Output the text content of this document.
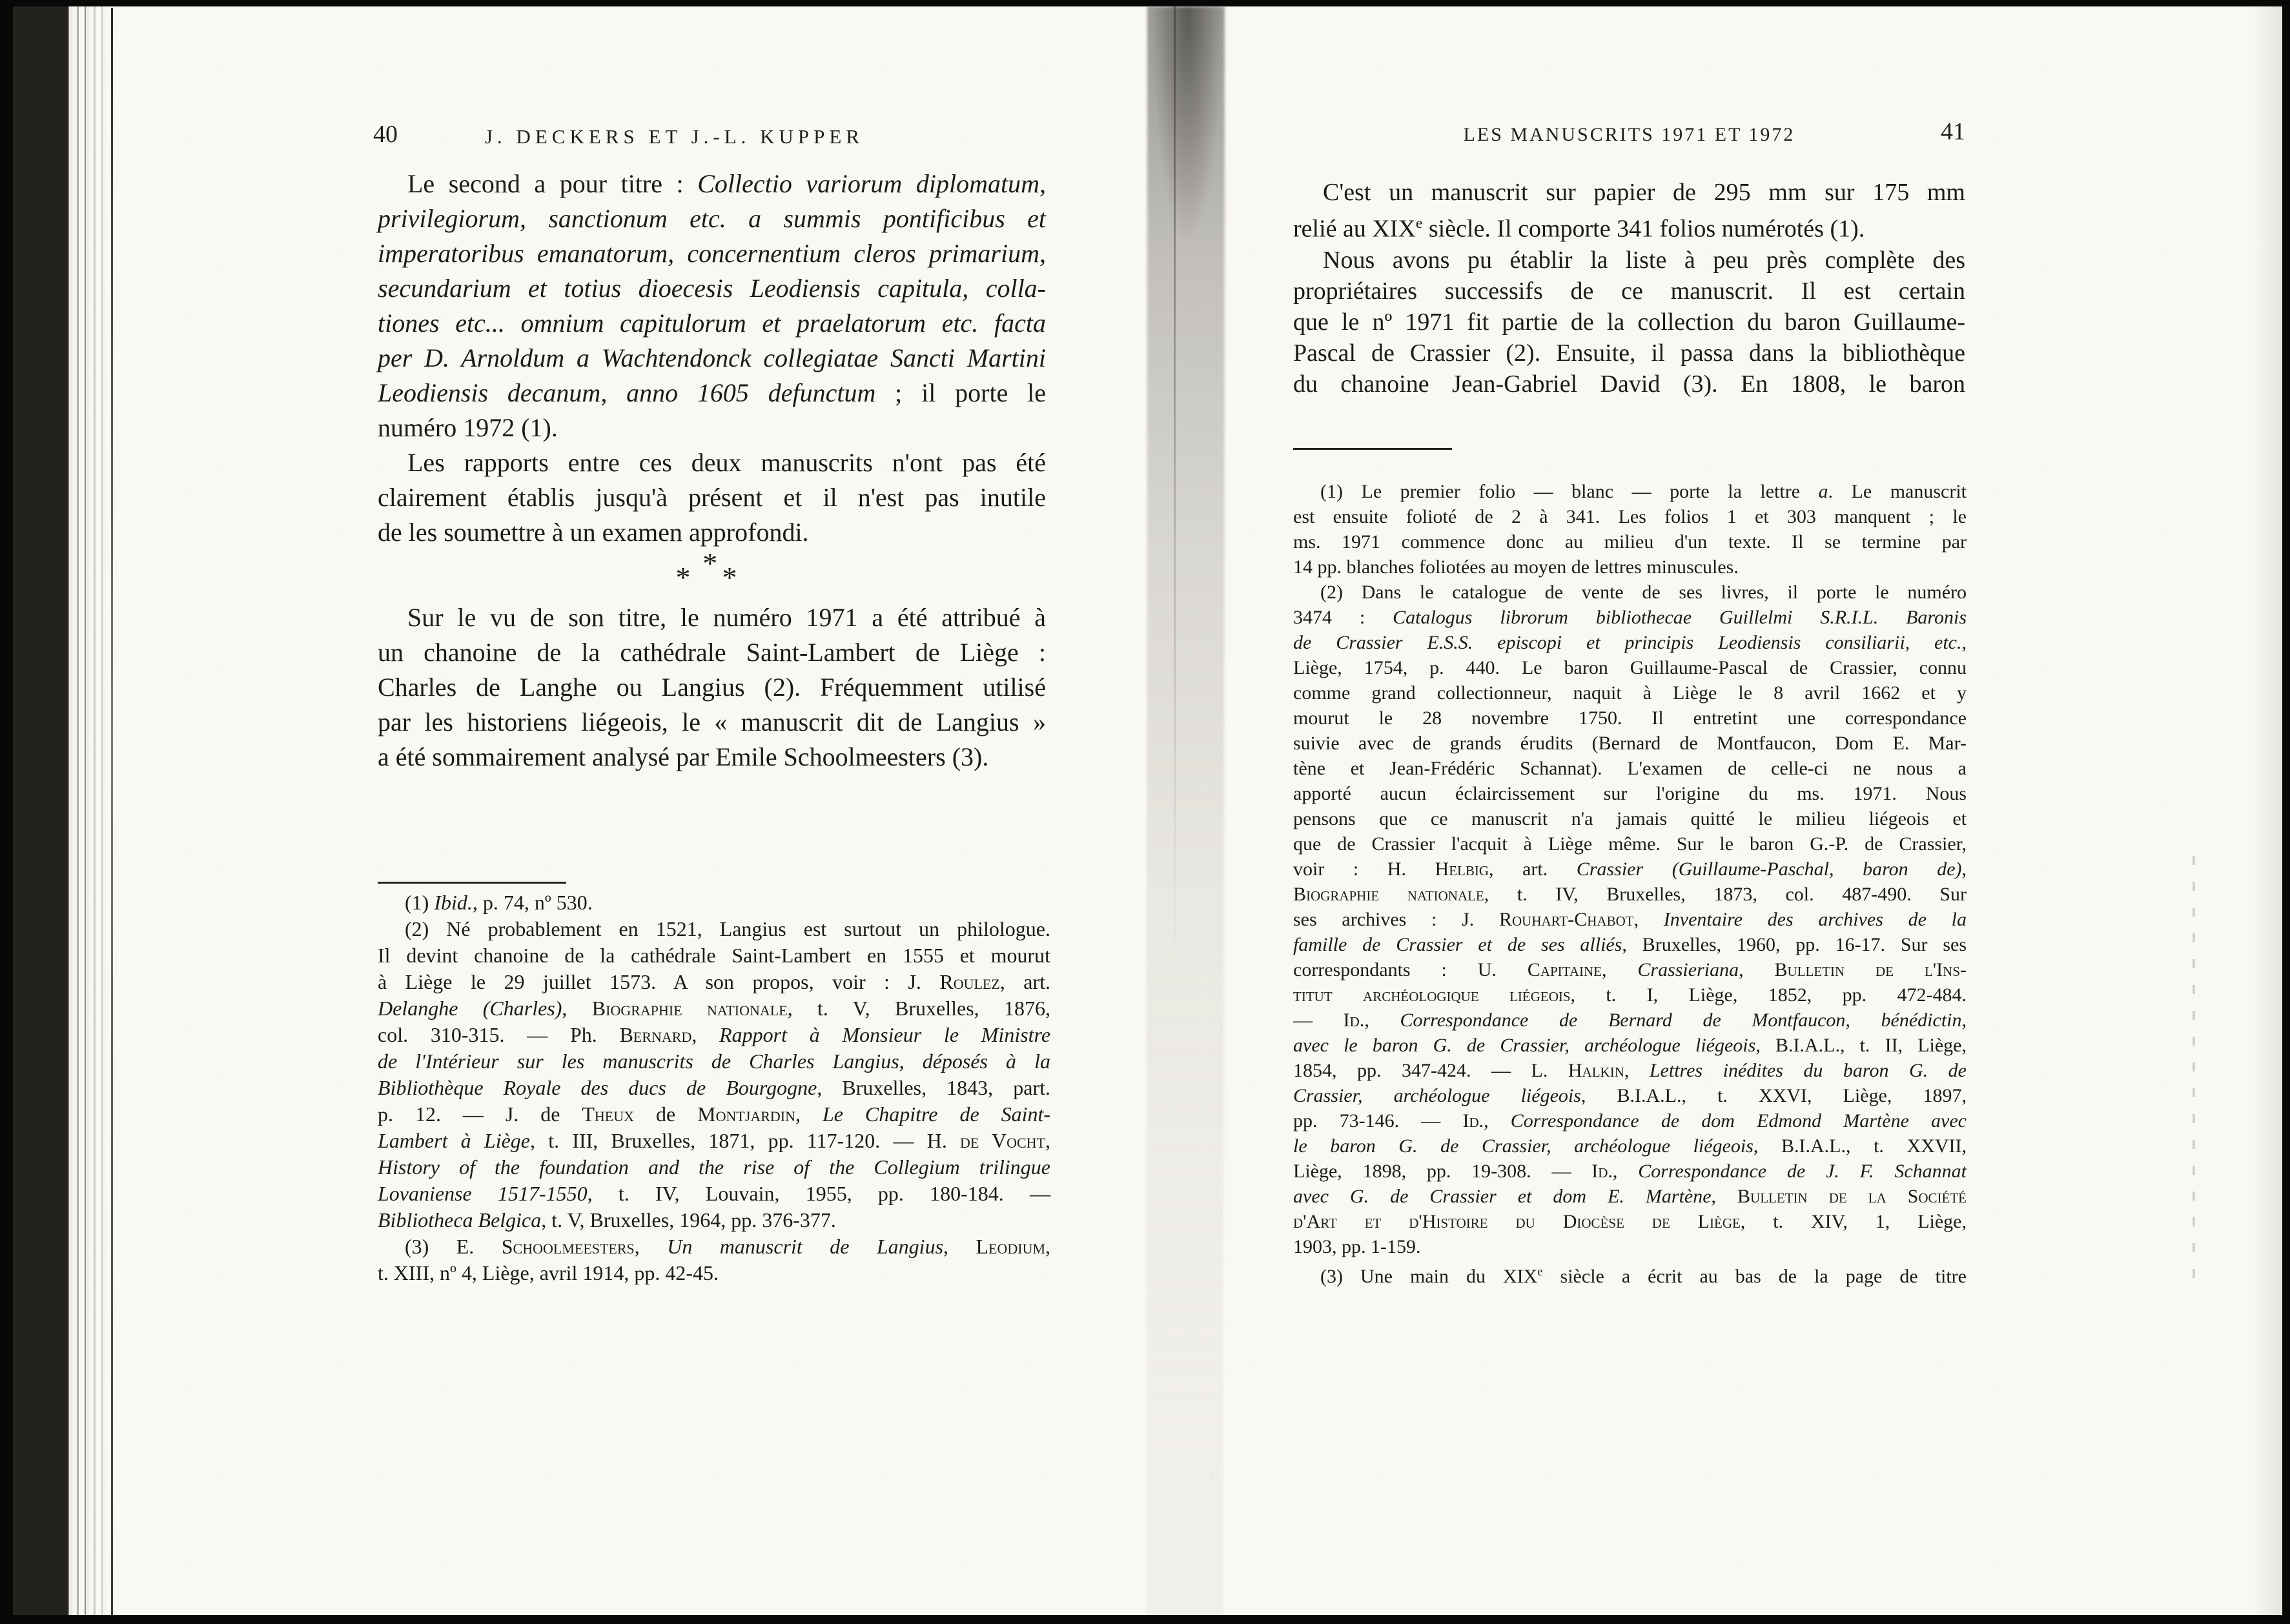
40	J. DECKERS ET J.-L. KUPPER
Le second a pour titre : Collectio variorum diplomatum,
privilegiorum, sanctionum etc. a summis pontificibus et
imperatoribus emanatorum, concernentium cleros primarium,
secundarium et totius dioecesis Leodiensis capitula, colla-
tiones etc... omnium capitulorum et praelatorum etc. facta
per D. Arnoldum a Wachtendonck collegiatae Sancti Martini
Leodiensis decanum, anno 1605 defunctum ; il porte le
numéro 1972 (1).
Les rapports entre ces deux manuscrits n'ont pas été
clairement établis jusqu'à présent et il n'est pas inutile
de les soumettre à un examen approfondi.
*
* *
Sur le vu de son titre, le numéro 1971 a été attribué à
un chanoine de la cathédrale Saint-Lambert de Liège :
Charles de Langhe ou Langius (2). Fréquemment utilisé
par les historiens liégeois, le « manuscrit dit de Langius »
a été sommairement analysé par Emile Schoolmeesters (3).
(1) Ibid., p. 74, nº 530.
(2) Né probablement en 1521, Langius est surtout un philologue.
Il devint chanoine de la cathédrale Saint-Lambert en 1555 et mourut
à Liège le 29 juillet 1573. A son propos, voir : J. Roulez, art.
Delanghe (Charles), Biographie nationale, t. V, Bruxelles, 1876,
col. 310-315. — Ph. Bernard, Rapport à Monsieur le Ministre
de l'Intérieur sur les manuscrits de Charles Langius, déposés à la
Bibliothèque Royale des ducs de Bourgogne, Bruxelles, 1843, part.
p. 12. — J. de Theux de Montjardin, Le Chapitre de Saint-
Lambert à Liège, t. III, Bruxelles, 1871, pp. 117-120. — H. de Vocht,
History of the foundation and the rise of the Collegium trilingue
Lovaniense 1517-1550, t. IV, Louvain, 1955, pp. 180-184. —
Bibliotheca Belgica, t. V, Bruxelles, 1964, pp. 376-377.
(3) E. Schoolmeesters, Un manuscrit de Langius, Leodium,
t. XIII, nº 4, Liège, avril 1914, pp. 42-45.
41
LES MANUSCRITS 1971 ET 1972
C'est un manuscrit sur papier de 295 mm sur 175 mm
relié au XIXe siècle. Il comporte 341 folios numérotés (1).
Nous avons pu établir la liste à peu près complète des
propriétaires successifs de ce manuscrit. Il est certain
que le nº 1971 fit partie de la collection du baron Guillaume-
Pascal de Crassier (2). Ensuite, il passa dans la bibliothèque
du chanoine Jean-Gabriel David (3). En 1808, le baron
(1) Le premier folio — blanc — porte la lettre a. Le manuscrit
est ensuite folioté de 2 à 341. Les folios 1 et 303 manquent ; le
ms. 1971 commence donc au milieu d'un texte. Il se termine par
14 pp. blanches foliotées au moyen de lettres minuscules.
(2) Dans le catalogue de vente de ses livres, il porte le numéro
3474 : Catalogus librorum bibliothecae Guillelmi S.R.I.L. Baronis
de Crassier E.S.S. episcopi et principis Leodiensis consiliarii, etc.,
Liège, 1754, p. 440. Le baron Guillaume-Pascal de Crassier, connu
comme grand collectionneur, naquit à Liège le 8 avril 1662 et y
mourut le 28 novembre 1750. Il entretint une correspondance
suivie avec de grands érudits (Bernard de Montfaucon, Dom E. Mar-
tène et Jean-Frédéric Schannat). L'examen de celle-ci ne nous a
apporté aucun éclaircissement sur l'origine du ms. 1971. Nous
pensons que ce manuscrit n'a jamais quitté le milieu liégeois et
que de Crassier l'acquit à Liège même. Sur le baron G.-P. de Crassier,
voir : H. Helbig, art. Crassier (Guillaume-Paschal, baron de),
Biographie nationale, t. IV, Bruxelles, 1873, col. 487-490. Sur
ses archives : J. Rouhart-Chabot, Inventaire des archives de la
famille de Crassier et de ses alliés, Bruxelles, 1960, pp. 16-17. Sur ses
correspondants : U. Capitaine, Crassieriana, Bulletin de l'Ins-
titut archéologique liégeois, t. I, Liège, 1852, pp. 472-484.
— Id., Correspondance de Bernard de Montfaucon, bénédictin,
avec le baron G. de Crassier, archéologue liégeois, B.I.A.L., t. II, Liège,
1854, pp. 347-424. — L. Halkin, Lettres inédites du baron G. de
Crassier, archéologue liégeois, B.I.A.L., t. XXVI, Liège, 1897,
pp. 73-146. — Id., Correspondance de dom Edmond Martène avec
le baron G. de Crassier, archéologue liégeois, B.I.A.L., t. XXVII,
Liège, 1898, pp. 19-308. — Id., Correspondance de J. F. Schannat
avec G. de Crassier et dom E. Martène, Bulletin de la Société
d'Art et d'Histoire du Diocèse de Liège, t. XIV, 1, Liège,
1903, pp. 1-159.
(3) Une main du XIXe siècle a écrit au bas de la page de titre
